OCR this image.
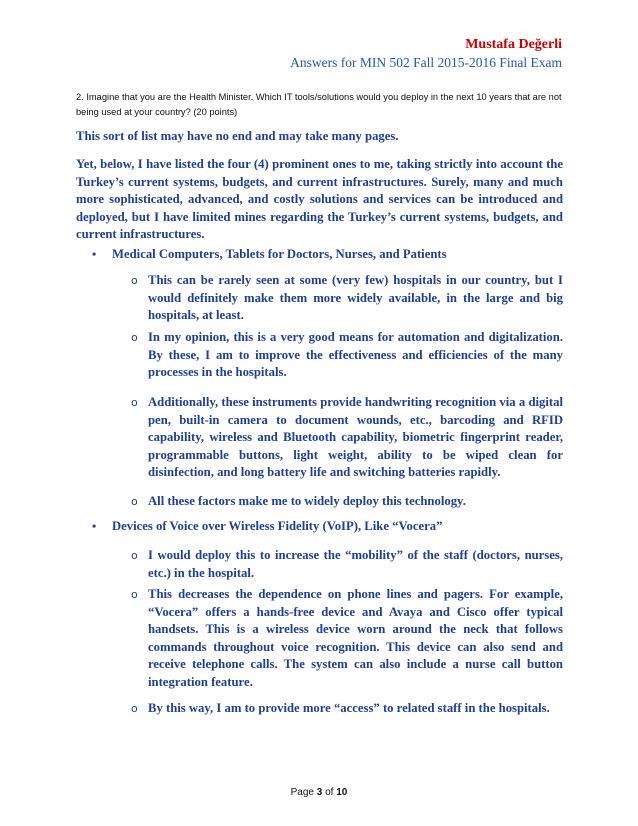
Mustafa Değerli
Answers for MIN 502 Fall 2015-2016 Final Exam
2. Imagine that you are the Health Minister. Which IT tools/solutions would you deploy in the next 10 years that are not being used at your country? (20 points)
This sort of list may have no end and may take many pages.
Yet, below, I have listed the four (4) prominent ones to me, taking strictly into account the Turkey’s current systems, budgets, and current infrastructures. Surely, many and much more sophisticated, advanced, and costly solutions and services can be introduced and deployed, but I have limited mines regarding the Turkey’s current systems, budgets, and current infrastructures.
• Medical Computers, Tablets for Doctors, Nurses, and Patients
o This can be rarely seen at some (very few) hospitals in our country, but I would definitely make them more widely available, in the large and big hospitals, at least.
o In my opinion, this is a very good means for automation and digitalization. By these, I am to improve the effectiveness and efficiencies of the many processes in the hospitals.
o Additionally, these instruments provide handwriting recognition via a digital pen, built-in camera to document wounds, etc., barcoding and RFID capability, wireless and Bluetooth capability, biometric fingerprint reader, programmable buttons, light weight, ability to be wiped clean for disinfection, and long battery life and switching batteries rapidly.
o All these factors make me to widely deploy this technology.
• Devices of Voice over Wireless Fidelity (VoIP), Like “Vocera”
o I would deploy this to increase the “mobility” of the staff (doctors, nurses, etc.) in the hospital.
o This decreases the dependence on phone lines and pagers. For example, “Vocera” offers a hands-free device and Avaya and Cisco offer typical handsets. This is a wireless device worn around the neck that follows commands throughout voice recognition. This device can also send and receive telephone calls. The system can also include a nurse call button integration feature.
o By this way, I am to provide more “access” to related staff in the hospitals.
Page 3 of 10
